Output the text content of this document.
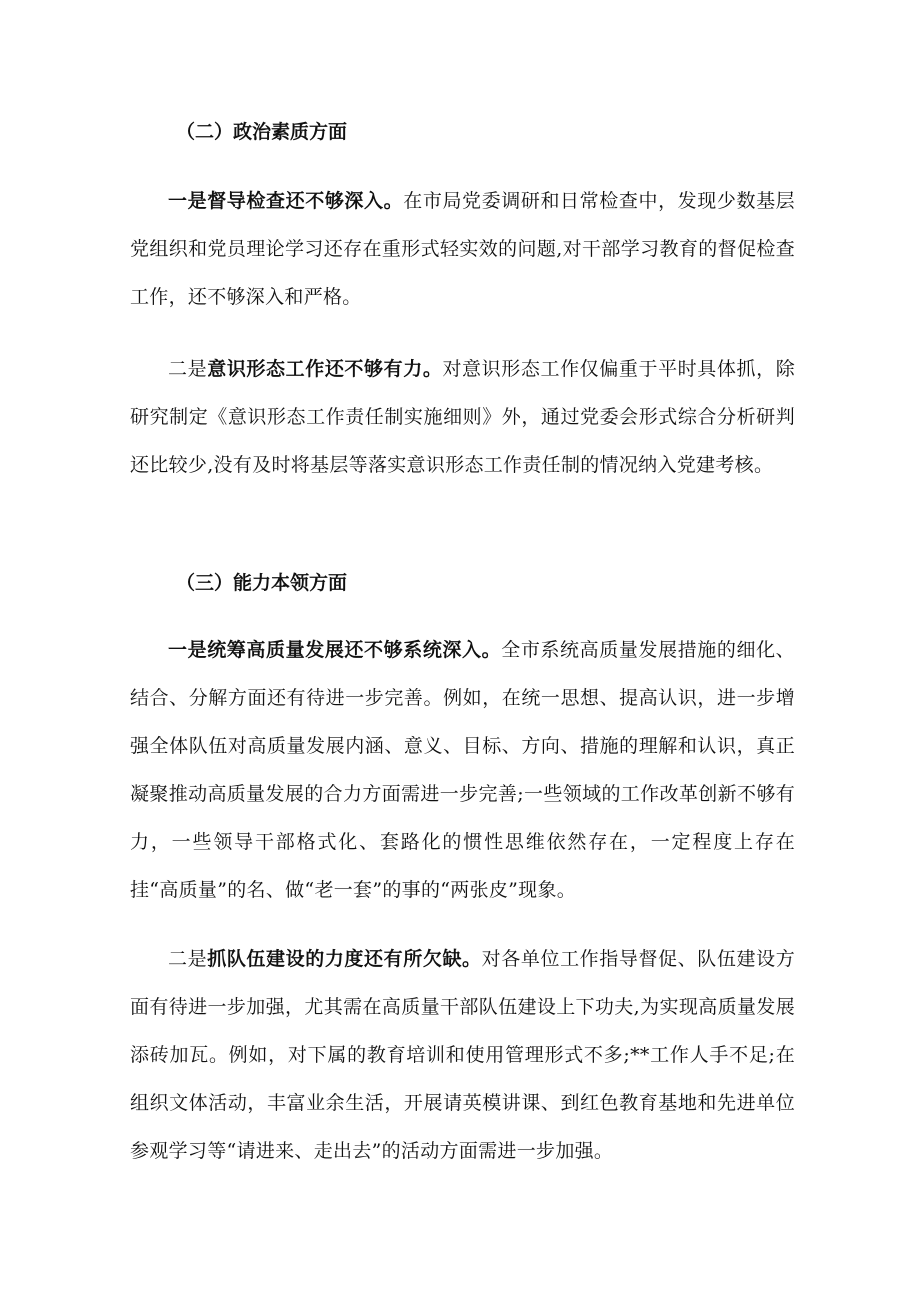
（二）政治素质方面

一是督导检查还不够深入。在市局党委调研和日常检查中，发现少数基层党组织和党员理论学习还存在重形式轻实效的问题,对干部学习教育的督促检查工作，还不够深入和严格。

二是意识形态工作还不够有力。对意识形态工作仅偏重于平时具体抓，除研究制定《意识形态工作责任制实施细则》外，通过党委会形式综合分析研判还比较少,没有及时将基层等落实意识形态工作责任制的情况纳入党建考核。

（三）能力本领方面

一是统筹高质量发展还不够系统深入。全市系统高质量发展措施的细化、结合、分解方面还有待进一步完善。例如，在统一思想、提高认识，进一步增强全体队伍对高质量发展内涵、意义、目标、方向、措施的理解和认识，真正凝聚推动高质量发展的合力方面需进一步完善;一些领域的工作改革创新不够有力，一些领导干部格式化、套路化的惯性思维依然存在，一定程度上存在挂“高质量”的名、做“老一套”的事的“两张皮”现象。

二是抓队伍建设的力度还有所欠缺。对各单位工作指导督促、队伍建设方面有待进一步加强，尤其需在高质量干部队伍建设上下功夫,为实现高质量发展添砖加瓦。例如，对下属的教育培训和使用管理形式不多;**工作人手不足;在组织文体活动，丰富业余生活，开展请英模讲课、到红色教育基地和先进单位参观学习等“请进来、走出去”的活动方面需进一步加强。
